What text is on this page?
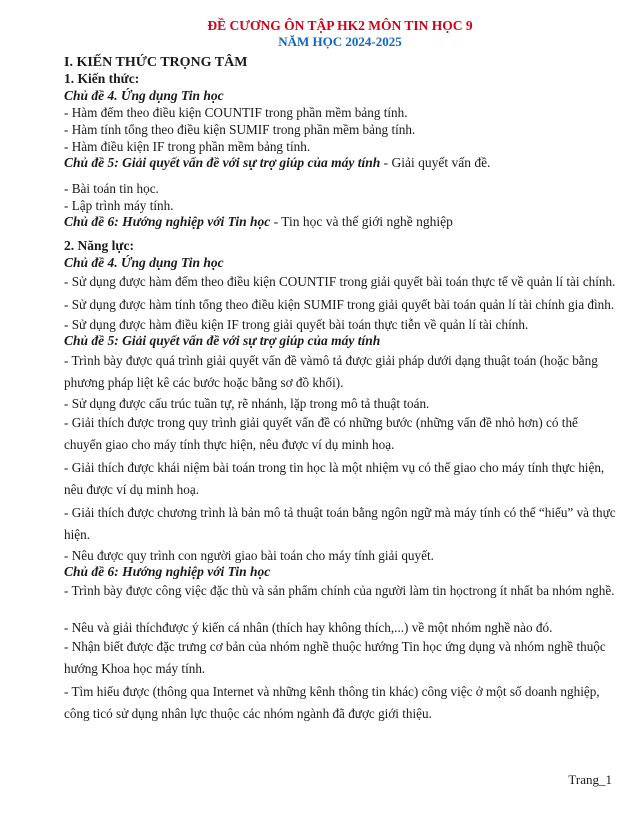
ĐỀ CƯƠNG ÔN TẬP HK2 MÔN TIN HỌC 9

NĂM HỌC 2024-2025

I. KIẾN THỨC TRỌNG TÂM

1. Kiến thức:

Chủ đề 4. Ứng dụng Tin học

- Hàm đếm theo điều kiện COUNTIF trong phần mềm bảng tính.

- Hàm tính tổng theo điều kiện SUMIF trong phần mềm bảng tính.

- Hàm điều kiện IF trong phần mềm bảng tính.

Chủ đề 5: Giải quyết vấn đề với sự trợ giúp của máy tính - Giải quyết vấn đề.

- Bài toán tin học.

- Lập trình máy tính.

Chủ đề 6: Hướng nghiệp với Tin học - Tin học và thế giới nghề nghiệp

2. Năng lực:

Chủ đề 4. Ứng dụng Tin học

- Sử dụng được hàm đếm theo điều kiện COUNTIF trong giải quyết bài toán thực tế về quản lí tài chính.

- Sử dụng được hàm tính tổng theo điều kiện SUMIF trong giải quyết bài toán quản lí tài chính gia đình.

- Sử dụng được hàm điều kiện IF trong giải quyết bài toán thực tiễn về quản lí tài chính.

Chủ đề 5: Giải quyết vấn đề với sự trợ giúp của máy tính

- Trình bày được quá trình giải quyết vấn đề vàmô tả được giải pháp dưới dạng thuật toán (hoặc bằng phương pháp liệt kê các bước hoặc bằng sơ đồ khối).

- Sử dụng được cấu trúc tuần tự, rẽ nhánh, lặp trong mô tả thuật toán.

- Giải thích được trong quy trình giải quyết vấn đề có những bước (những vấn đề nhỏ hơn) có thể chuyển giao cho máy tính thực hiện, nêu được ví dụ minh hoạ.

- Giải thích được khái niệm bài toán trong tin học là một nhiệm vụ có thể giao cho máy tính thực hiện, nêu được ví dụ minh hoạ.

- Giải thích được chương trình là bản mô tả thuật toán bằng ngôn ngữ mà máy tính có thể “hiểu” và thực hiện.

- Nêu được quy trình con người giao bài toán cho máy tính giải quyết.

Chủ đề 6: Hướng nghiệp với Tin học

- Trình bày được công việc đặc thù và sản phẩm chính của người làm tin họctrong ít nhất ba nhóm nghề.

- Nêu và giải thíchđược ý kiến cá nhân (thích hay không thích,...) về một nhóm nghề nào đó.

- Nhận biết được đặc trưng cơ bản của nhóm nghề thuộc hướng Tin học ứng dụng và nhóm nghề thuộc hướng Khoa học máy tính.

- Tìm hiểu được (thông qua Internet và những kênh thông tin khác) công việc ở một số doanh nghiệp, công ticó sử dụng nhân lực thuộc các nhóm ngành đã được giới thiệu.

Trang_1
